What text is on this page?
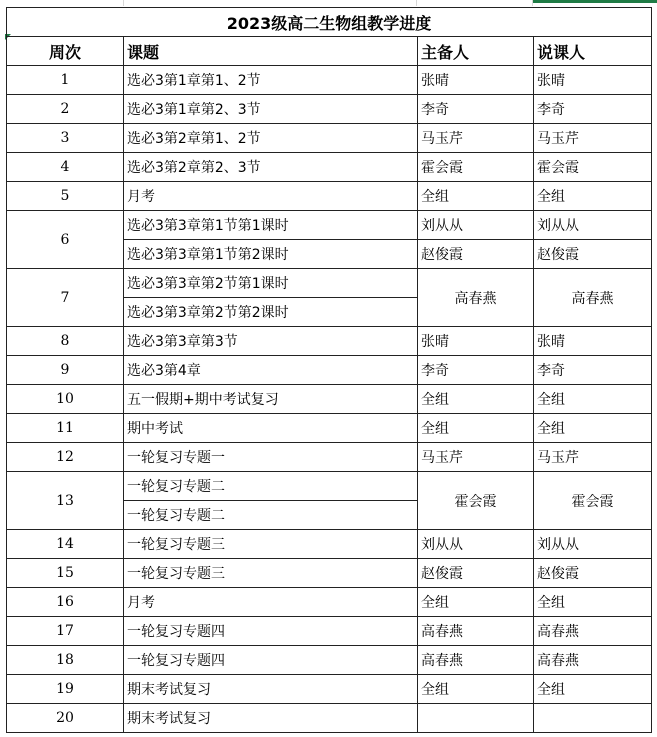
2023级高二生物组教学进度			
周次	课题	主备人	说课人
1	选必3第1章第1、2节	张晴	张晴
2	选必3第1章第2、3节	李奇	李奇
3	选必3第2章第1、2节	马玉芹	马玉芹
4	选必3第2章第2、3节	霍会霞	霍会霞
5	月考	全组	全组
6	选必3第3章第1节第1课时	刘从从	刘从从
	选必3第3章第1节第2课时	赵俊霞	赵俊霞
7	选必3第3章第2节第1课时	高春燕	高春燕
	选必3第3章第2节第2课时		
8	选必3第3章第3节	张晴	张晴
9	选必3第4章	李奇	李奇
10	五一假期+期中考试复习	全组	全组
11	期中考试	全组	全组
12	一轮复习专题一	马玉芹	马玉芹
13	一轮复习专题二	霍会霞	霍会霞
	一轮复习专题二		
14	一轮复习专题三	刘从从	刘从从
15	一轮复习专题三	赵俊霞	赵俊霞
16	月考	全组	全组
17	一轮复习专题四	高春燕	高春燕
18	一轮复习专题四	高春燕	高春燕
19	期末考试复习	全组	全组
20	期末考试复习		
